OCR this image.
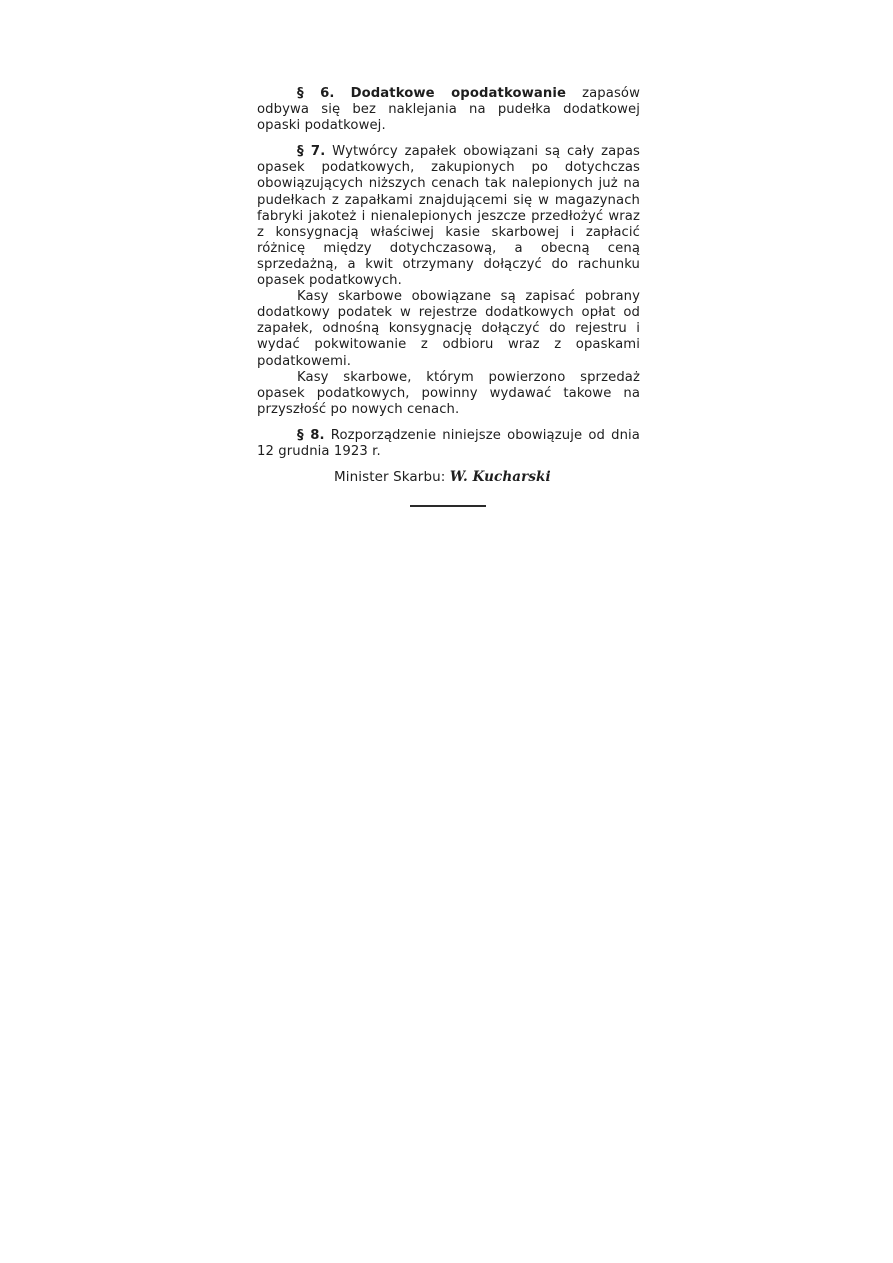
§ 6. Dodatkowe opodatkowanie zapasów odbywa się bez naklejania na pudełka dodatkowej opaski podatkowej.

§ 7. Wytwórcy zapałek obowiązani są cały zapas opasek podatkowych, zakupionych po dotychczas obowiązujących niższych cenach tak nalepionych już na pudełkach z zapałkami znajdującemi się w magazynach fabryki jakoteż i nienalepionych jeszcze przedłożyć wraz z konsygnacją właściwej kasie skarbowej i zapłacić różnicę między dotychczasową, a obecną ceną sprzedażną, a kwit otrzymany dołączyć do rachunku opasek podatkowych.

Kasy skarbowe obowiązane są zapisać pobrany dodatkowy podatek w rejestrze dodatkowych opłat od zapałek, odnośną konsygnację dołączyć do rejestru i wydać pokwitowanie z odbioru wraz z opaskami podatkowemi.

Kasy skarbowe, którym powierzono sprzedaż opasek podatkowych, powinny wydawać takowe na przyszłość po nowych cenach.

§ 8. Rozporządzenie niniejsze obowiązuje od dnia 12 grudnia 1923 r.

Minister Skarbu: W. Kucharski
